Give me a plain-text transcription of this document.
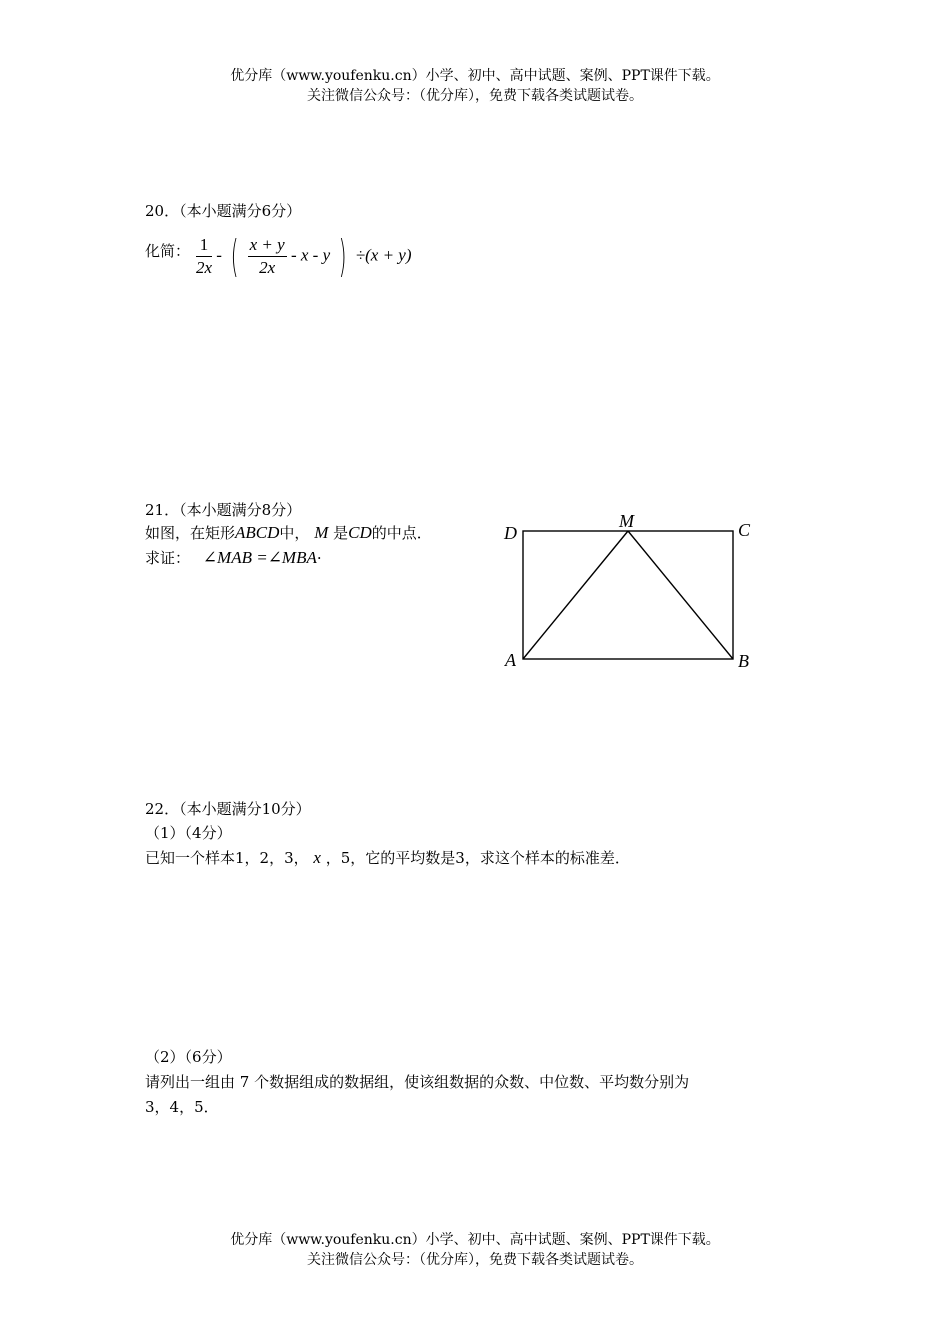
优分库（www.youfenku.cn）小学、初中、高中试题、案例、PPT课件下载。
关注微信公众号：（优分库），免费下载各类试题试卷。
20．（本小题满分6分）
化简： $\frac{1}{2x}$ - ( $\frac{x + y}{2x}$ - x - y ) ÷(x + y)
21．（本小题满分8分）
如图，在矩形ABCD中， M 是CD的中点．
求证： ∠MAB =∠MBA·
D
M	C
A	B
22．（本小题满分10分）
（1）（4分）
已知一个样本1，2，3， x ，5，它的平均数是3，求这个样本的标准差．
（2）（6分）
请列出一组由 7 个数据组成的数据组，使该组数据的众数、中位数、平均数分别为
3，4，5．
优分库（www.youfenku.cn）小学、初中、高中试题、案例、PPT课件下载。
关注微信公众号：（优分库），免费下载各类试题试卷。
